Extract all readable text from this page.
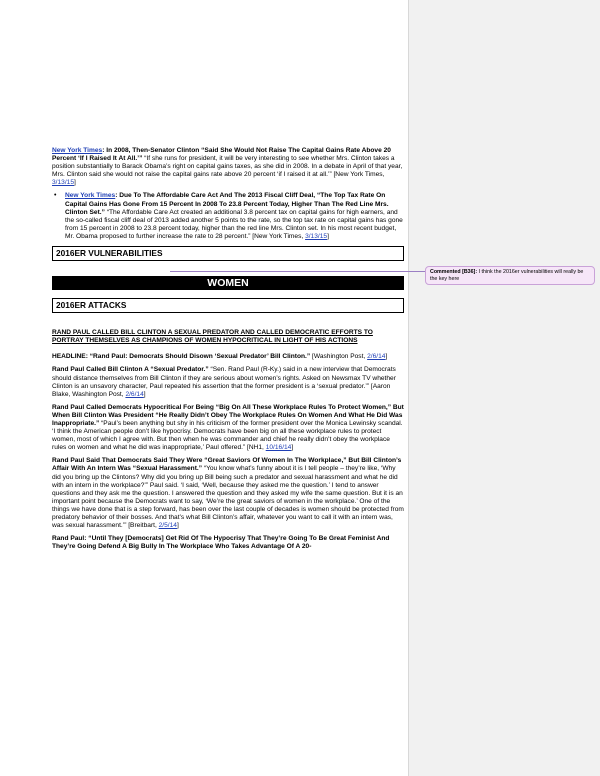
New York Times: In 2008, Then-Senator Clinton “Said She Would Not Raise The Capital Gains Rate Above 20 Percent ‘If I Raised It At All.’” “If she runs for president, it will be very interesting to see whether Mrs. Clinton takes a position substantially to Barack Obama’s right on capital gains taxes, as she did in 2008. In a debate in April of that year, Mrs. Clinton said she would not raise the capital gains rate above 20 percent ‘if I raised it at all.’” [New York Times, 3/13/15]

•	New York Times: Due To The Affordable Care Act And The 2013 Fiscal Cliff Deal, “The Top Tax Rate On Capital Gains Has Gone From 15 Percent In 2008 To 23.8 Percent Today, Higher Than The Red Line Mrs. Clinton Set.” “The Affordable Care Act created an additional 3.8 percent tax on capital gains for high earners, and the so-called fiscal cliff deal of 2013 added another 5 points to the rate, so the top tax rate on capital gains has gone from 15 percent in 2008 to 23.8 percent today, higher than the red line Mrs. Clinton set. In his most recent budget, Mr. Obama proposed to further increase the rate to 28 percent.” [New York Times, 3/13/15]
2016ER VULNERABILITIES
WOMEN
2016ER ATTACKS
RAND PAUL CALLED BILL CLINTON A SEXUAL PREDATOR AND CALLED DEMOCRATIC EFFORTS TO PORTRAY THEMSELVES AS CHAMPIONS OF WOMEN HYPOCRITICAL IN LIGHT OF HIS ACTIONS

HEADLINE: “Rand Paul: Democrats Should Disown ‘Sexual Predator’ Bill Clinton.” [Washington Post, 2/6/14]

Rand Paul Called Bill Clinton A “Sexual Predator.” “Sen. Rand Paul (R-Ky.) said in a new interview that Democrats should distance themselves from Bill Clinton if they are serious about women’s rights. Asked on Newsmax TV whether Clinton is an unsavory character, Paul repeated his assertion that the former president is a ‘sexual predator.’” [Aaron Blake, Washington Post, 2/6/14]

Rand Paul Called Democrats Hypocritical For Being “Big On All These Workplace Rules To Protect Women,” But When Bill Clinton Was President “He Really Didn’t Obey The Workplace Rules On Women And What He Did Was Inappropriate.” “Paul’s been anything but shy in his criticism of the former president over the Monica Lewinsky scandal. ‘I think the American people don’t like hypocrisy. Democrats have been big on all these workplace rules to protect women, most of which I agree with. But then when he was commander and chief he really didn’t obey the workplace rules on women and what he did was inappropriate,’ Paul offered.” [NH1, 10/16/14]

Rand Paul Said That Democrats Said They Were “Great Saviors Of Women In The Workplace,” But Bill Clinton’s Affair With An Intern Was “Sexual Harassment.” “You know what’s funny about it is I tell people – they’re like, ‘Why did you bring up the Clintons? Why did you bring up Bill being such a predator and sexual harassment and what he did with an intern in the workplace?’” Paul said. ‘I said, ‘Well, because they asked me the question.’ I tend to answer questions and they ask me the question. I answered the question and they asked my wife the same question. But it is an important point because the Democrats want to say, ‘We’re the great saviors of women in the workplace.’ One of the things we have done that is a step forward, has been over the last couple of decades is women should be protected from predatory behavior of their bosses. And that’s what Bill Clinton’s affair, whatever you want to call it with an intern was, was sexual harassment.’” [Breitbart, 2/5/14]

Rand Paul: “Until They [Democrats] Get Rid Of The Hypocrisy That They’re Going To Be Great Feminist And They’re Going Defend A Big Bully In The Workplace Who Takes Advantage Of A 20-

Commented [B36]: I think the 2016er vulnerabilities will really be the key here
